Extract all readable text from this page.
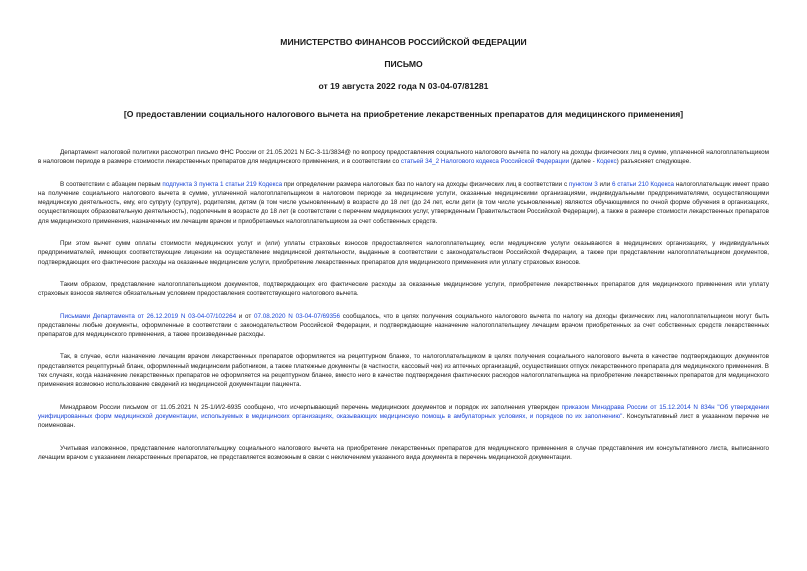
МИНИСТЕРСТВО ФИНАНСОВ РОССИЙСКОЙ ФЕДЕРАЦИИ
ПИСЬМО
от 19 августа 2022 года N 03-04-07/81281
[О предоставлении социального налогового вычета на приобретение лекарственных препаратов для медицинского применения]

Департамент налоговой политики рассмотрел письмо ФНС России от 21.05.2021 N БС-3-11/3834@ по вопросу предоставления социального налогового вычета по налогу на доходы физических лиц в сумме, уплаченной налогоплательщиком в налоговом периоде в размере стоимости лекарственных препаратов для медицинского применения, и в соответствии со статьей 34_2 Налогового кодекса Российской Федерации (далее - Кодекс) разъясняет следующее.

В соответствии с абзацем первым подпункта 3 пункта 1 статьи 219 Кодекса при определении размера налоговых баз по налогу на доходы физических лиц в соответствии с пунктом 3 или 6 статьи 210 Кодекса налогоплательщик имеет право на получение социального налогового вычета в сумме, уплаченной налогоплательщиком в налоговом периоде за медицинские услуги, оказанные медицинскими организациями, индивидуальными предпринимателями, осуществляющими медицинскую деятельность, ему, его супругу (супруге), родителям, детям (в том числе усыновленным) в возрасте до 18 лет (до 24 лет, если дети (в том числе усыновленные) являются обучающимися по очной форме обучения в организациях, осуществляющих образовательную деятельность), подопечным в возрасте до 18 лет (в соответствии с перечнем медицинских услуг, утвержденным Правительством Российской Федерации), а также в размере стоимости лекарственных препаратов для медицинского применения, назначенных им лечащим врачом и приобретаемых налогоплательщиком за счет собственных средств.

При этом вычет сумм оплаты стоимости медицинских услуг и (или) уплаты страховых взносов предоставляется налогоплательщику, если медицинские услуги оказываются в медицинских организациях, у индивидуальных предпринимателей, имеющих соответствующие лицензии на осуществление медицинской деятельности, выданные в соответствии с законодательством Российской Федерации, а также при представлении налогоплательщиком документов, подтверждающих его фактические расходы на оказанные медицинские услуги, приобретение лекарственных препаратов для медицинского применения или уплату страховых взносов.

Таким образом, представление налогоплательщиком документов, подтверждающих его фактические расходы за оказанные медицинские услуги, приобретение лекарственных препаратов для медицинского применения или уплату страховых взносов является обязательным условием предоставления соответствующего налогового вычета.

Письмами Департамента от 26.12.2019 N 03-04-07/102264 и от 07.08.2020 N 03-04-07/69356 сообщалось, что в целях получения социального налогового вычета по налогу на доходы физических лиц налогоплательщиком могут быть представлены любые документы, оформленные в соответствии с законодательством Российской Федерации, и подтверждающие назначение налогоплательщику лечащим врачом приобретенных за счет собственных средств лекарственных препаратов для медицинского применения, а также произведенные расходы.

Так, в случае, если назначение лечащим врачом лекарственных препаратов оформляется на рецептурном бланке, то налогоплательщиком в целях получения социального налогового вычета в качестве подтверждающих документов представляется рецептурный бланк, оформленный медицинским работником, а также платежные документы (в частности, кассовый чек) из аптечных организаций, осуществивших отпуск лекарственного препарата для медицинского применения. В тех случаях, когда назначение лекарственных препаратов не оформляется на рецептурном бланке, вместо него в качестве подтверждения фактических расходов налогоплательщика на приобретение лекарственных препаратов для медицинского применения возможно использование сведений из медицинской документации пациента.

Минздравом России письмом от 11.05.2021 N 25-1/И/2-6935 сообщено, что исчерпывающий перечень медицинских документов и порядок их заполнения утвержден приказом Минздрава России от 15.12.2014 N 834н "Об утверждении унифицированных форм медицинской документации, используемых в медицинских организациях, оказывающих медицинскую помощь в амбулаторных условиях, и порядков по их заполнению". Консультативный лист в указанном перечне не поименован.

Учитывая изложенное, представление налогоплательщику социального налогового вычета на приобретение лекарственных препаратов для медицинского применения в случае представления им консультативного листа, выписанного лечащим врачом с указанием лекарственных препаратов, не представляется возможным в связи с неключением указанного вида документа в перечень медицинской документации.
